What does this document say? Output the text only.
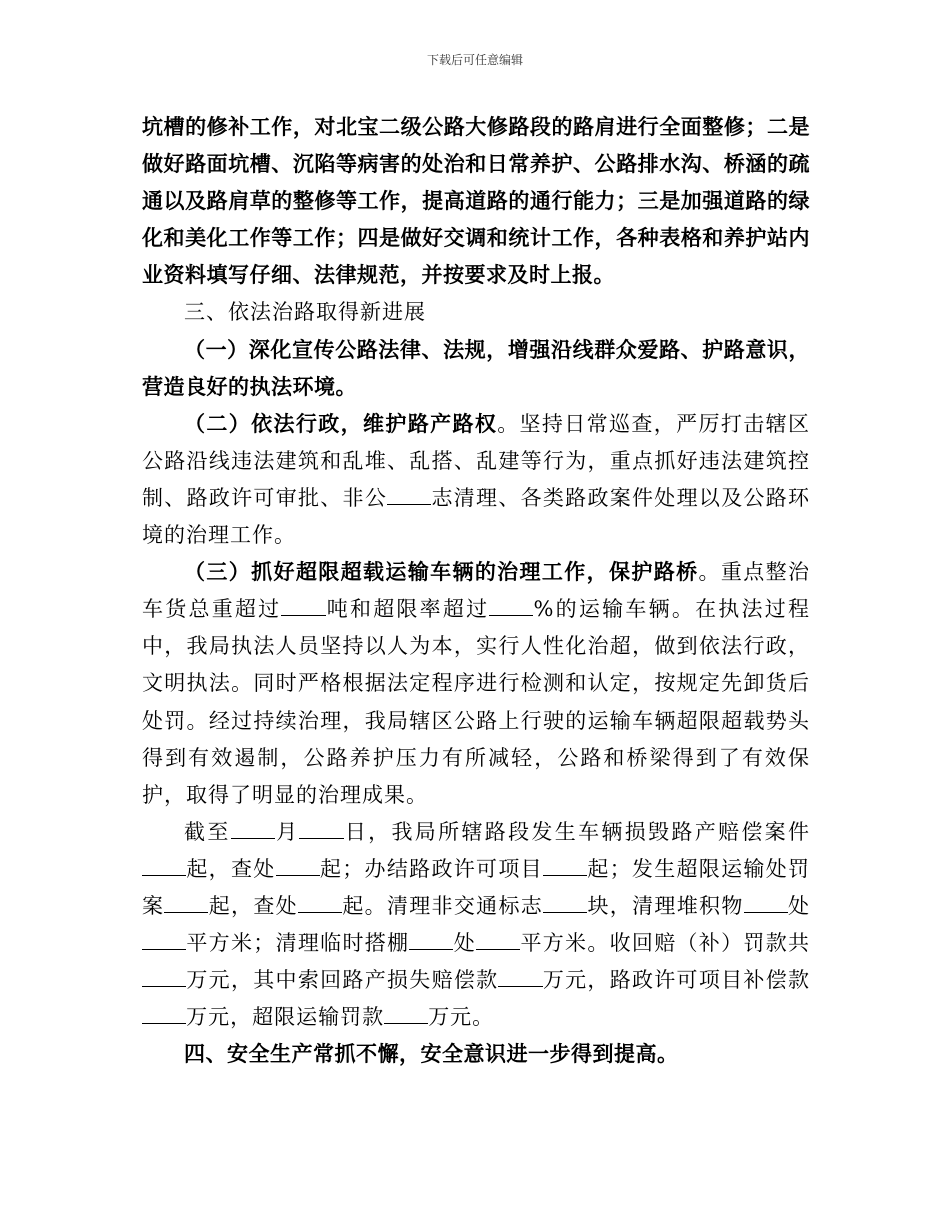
下载后可任意编辑

坑槽的修补工作，对北宝二级公路大修路段的路肩进行全面整修；二是做好路面坑槽、沉陷等病害的处治和日常养护、公路排水沟、桥涵的疏通以及路肩草的整修等工作，提高道路的通行能力；三是加强道路的绿化和美化工作等工作；四是做好交调和统计工作，各种表格和养护站内业资料填写仔细、法律规范，并按要求及时上报。

三、依法治路取得新进展

（一）深化宣传公路法律、法规，增强沿线群众爱路、护路意识，营造良好的执法环境。

（二）依法行政，维护路产路权。坚持日常巡查，严厉打击辖区公路沿线违法建筑和乱堆、乱搭、乱建等行为，重点抓好违法建筑控制、路政许可审批、非公 志清理、各类路政案件处理以及公路环境的治理工作。

（三）抓好超限超载运输车辆的治理工作，保护路桥。重点整治车货总重超过 吨和超限率超过 %的运输车辆。在执法过程中，我局执法人员坚持以人为本，实行人性化治超，做到依法行政，文明执法。同时严格根据法定程序进行检测和认定，按规定先卸货后处罚。经过持续治理，我局辖区公路上行驶的运输车辆超限超载势头得到有效遏制，公路养护压力有所减轻，公路和桥梁得到了有效保护，取得了明显的治理成果。

截至 月 日，我局所辖路段发生车辆损毁路产赔偿案件起，查处 起；办结路政许可项目 起；发生超限运输处罚案 起，查处 起。清理非交通标志 块，清理堆积物 处平方米；清理临时搭棚 处 平方米。收回赔（补）罚款共万元，其中索回路产损失赔偿款 万元，路政许可项目补偿款万元，超限运输罚款 万元。

四、安全生产常抓不懈，安全意识进一步得到提高。
